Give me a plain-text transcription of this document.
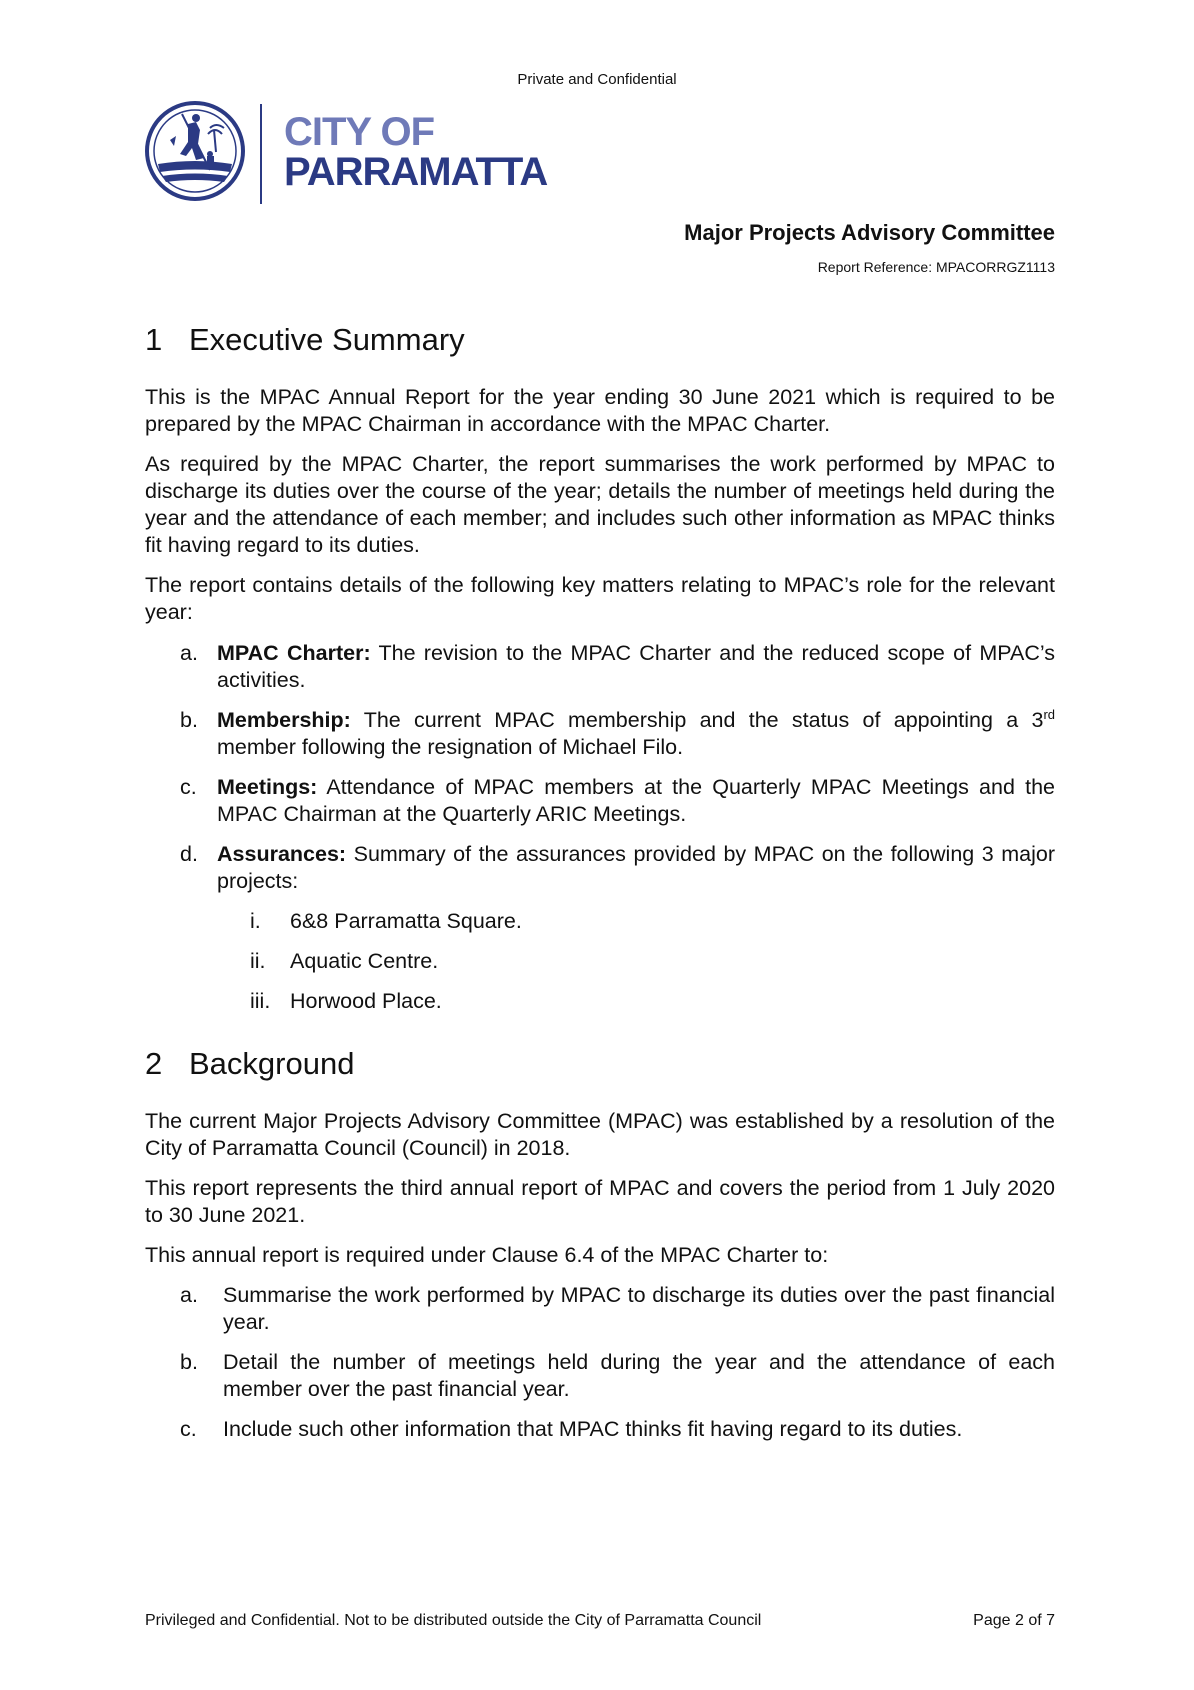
Private and Confidential
CITY OF
PARRAMATTA
Major Projects Advisory Committee
Report Reference: MPACORRGZ1113
1 Executive Summary
This is the MPAC Annual Report for the year ending 30 June 2021 which is required to be prepared by the MPAC Chairman in accordance with the MPAC Charter.
As required by the MPAC Charter, the report summarises the work performed by MPAC to discharge its duties over the course of the year; details the number of meetings held during the year and the attendance of each member; and includes such other information as MPAC thinks fit having regard to its duties.
The report contains details of the following key matters relating to MPAC’s role for the relevant year:
a. MPAC Charter: The revision to the MPAC Charter and the reduced scope of MPAC’s activities.
b. Membership: The current MPAC membership and the status of appointing a 3rd member following the resignation of Michael Filo.
c. Meetings: Attendance of MPAC members at the Quarterly MPAC Meetings and the MPAC Chairman at the Quarterly ARIC Meetings.
d. Assurances: Summary of the assurances provided by MPAC on the following 3 major projects:
i. 6&8 Parramatta Square.
ii. Aquatic Centre.
iii. Horwood Place.
2 Background
The current Major Projects Advisory Committee (MPAC) was established by a resolution of the City of Parramatta Council (Council) in 2018.
This report represents the third annual report of MPAC and covers the period from 1 July 2020 to 30 June 2021.
This annual report is required under Clause 6.4 of the MPAC Charter to:
a.	Summarise the work performed by MPAC to discharge its duties over the past financial year.
b.	Detail the number of meetings held during the year and the attendance of each member over the past financial year.
c.	Include such other information that MPAC thinks fit having regard to its duties.
Privileged and Confidential. Not to be distributed outside the City of Parramatta Council	Page 2 of 7
